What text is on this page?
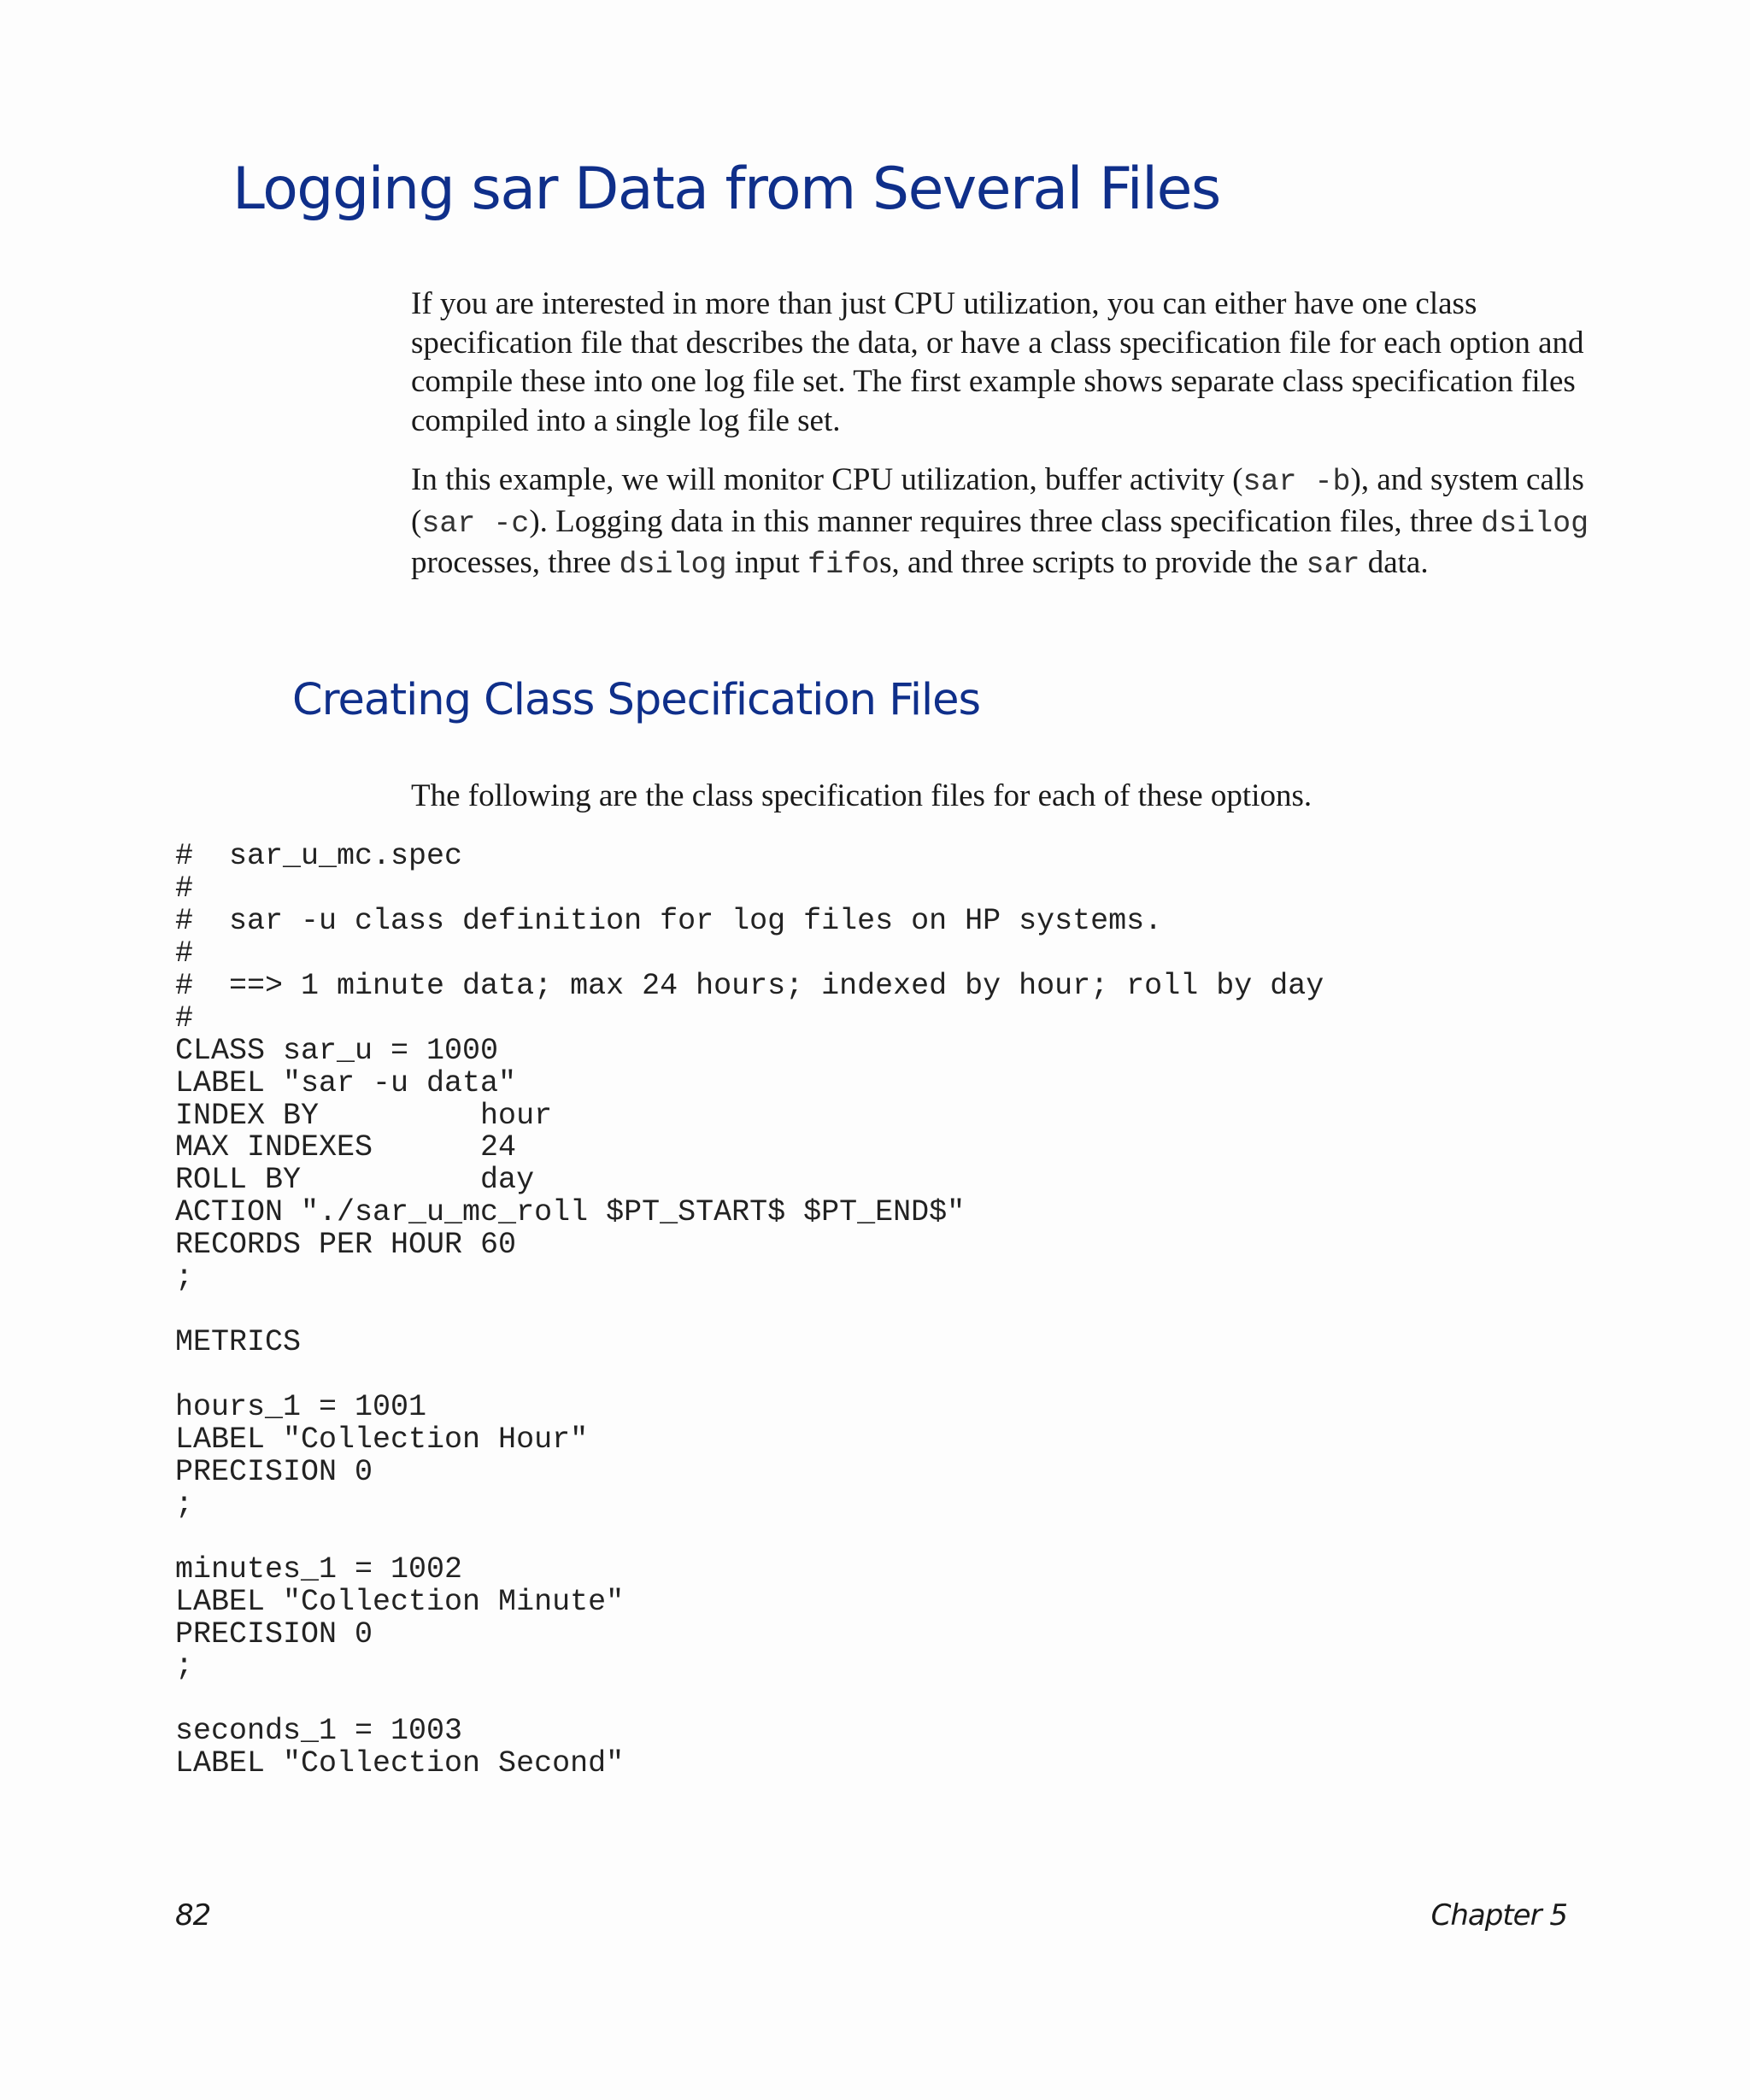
Logging sar Data from Several Files

If you are interested in more than just CPU utilization, you can either have one class specification file that describes the data, or have a class specification file for each option and compile these into one log file set. The first example shows separate class specification files compiled into a single log file set.

In this example, we will monitor CPU utilization, buffer activity (sar -b), and system calls (sar -c). Logging data in this manner requires three class specification files, three dsilog processes, three dsilog input fifos, and three scripts to provide the sar data.

Creating Class Specification Files

The following are the class specification files for each of these options.

#  sar_u_mc.spec
#
#  sar -u class definition for log files on HP systems.
#
#  ==> 1 minute data; max 24 hours; indexed by hour; roll by day
#
CLASS sar_u = 1000
LABEL "sar -u data"
INDEX BY         hour
MAX INDEXES      24
ROLL BY          day
ACTION "./sar_u_mc_roll $PT_START$ $PT_END$"
RECORDS PER HOUR 60
;
METRICS
hours_1 = 1001
LABEL "Collection Hour"
PRECISION 0
;
minutes_1 = 1002
LABEL "Collection Minute"
PRECISION 0
;
seconds_1 = 1003
LABEL "Collection Second"
82	Chapter 5
